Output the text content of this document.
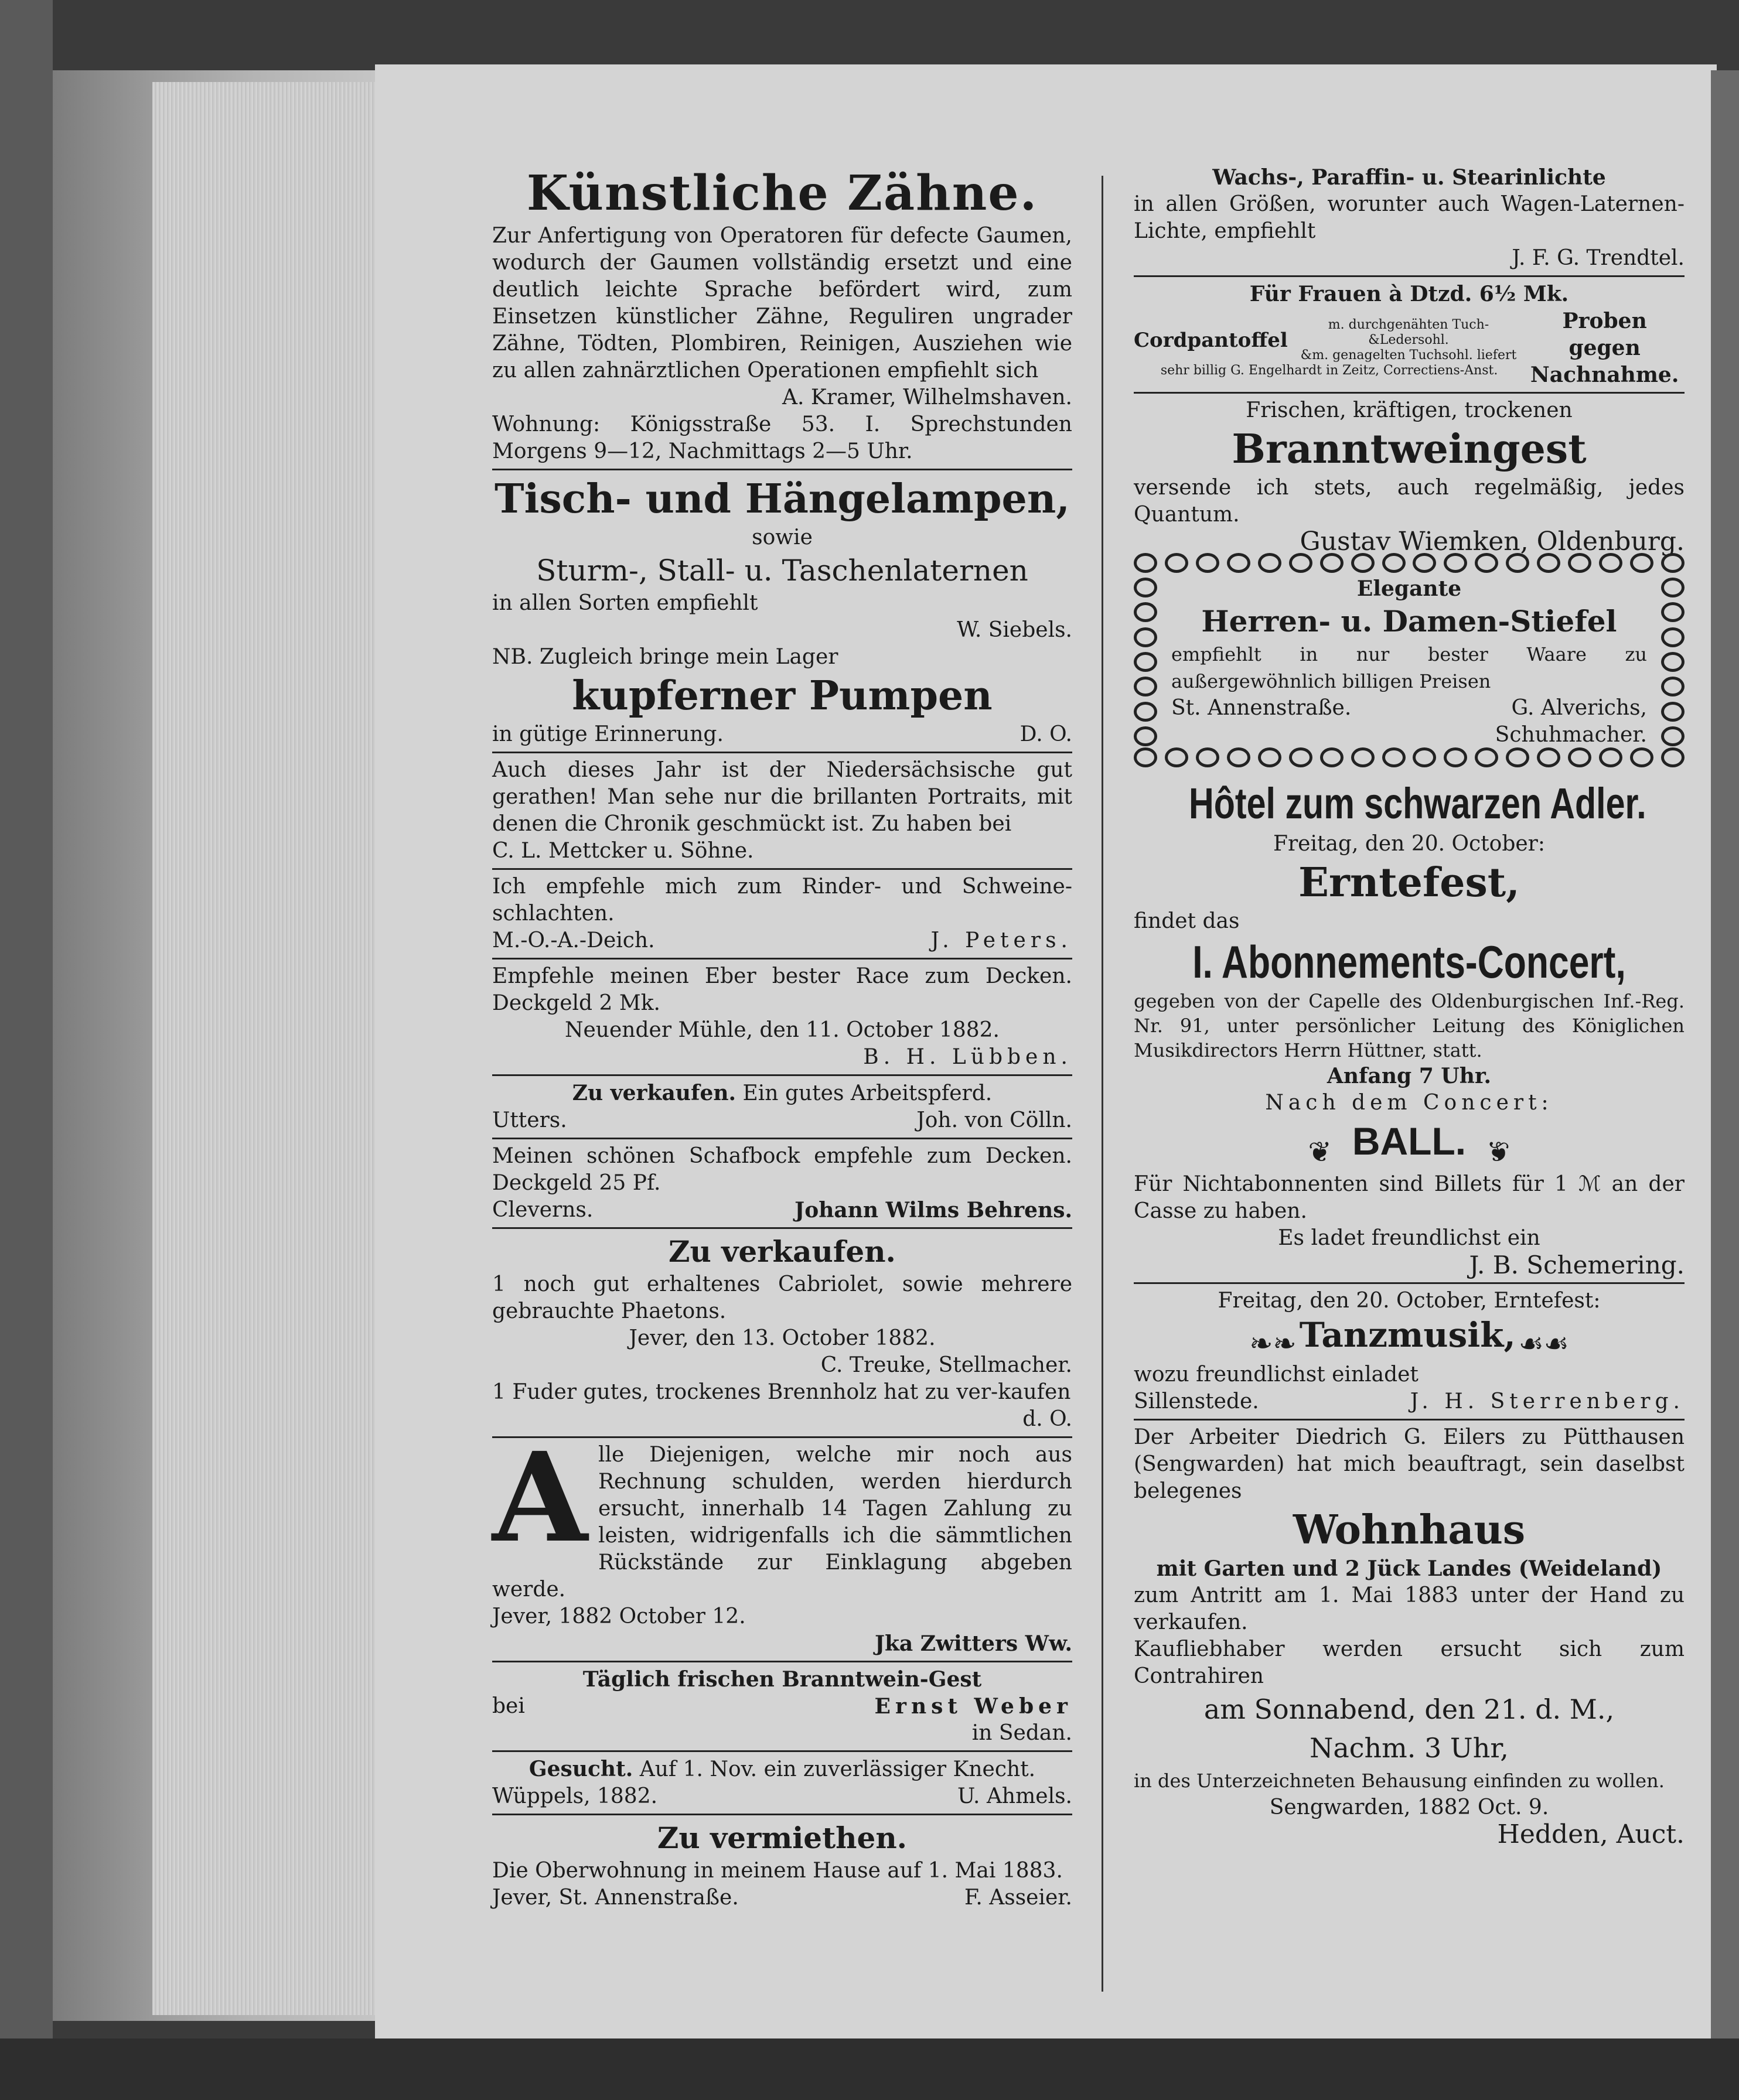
Künstliche Zähne.

Zur Anfertigung von Operatoren für defecte Gaumen, wodurch der Gaumen vollständig ersetzt und eine deutlich leichte Sprache befördert wird, zum Einsetzen künstlicher Zähne, Reguliren ungrader Zähne, Tödten, Plombiren, Reinigen, Ausziehen wie zu allen zahnärztlichen Operationen empfiehlt sich

A. Kramer, Wilhelmshaven.

Wohnung: Königsstraße 53. I. Sprechstunden Morgens 9—12, Nachmittags 2—5 Uhr.

Tisch- und Hängelampen,

sowie

Sturm-, Stall- u. Taschenlaternen

in allen Sorten empfiehlt

W. Siebels.

NB. Zugleich bringe mein Lager

kupferner Pumpen

in gütige Erinnerung.	D. O.

Auch dieses Jahr ist der Niedersächsische gut gerathen! Man sehe nur die brillanten Portraits, mit denen die Chronik geschmückt ist. Zu haben bei

C. L. Mettcker u. Söhne.

Ich empfehle mich zum Rinder- und Schweine-schlachten.

M.-O.-A.-Deich.	J. Peters.

Empfehle meinen Eber bester Race zum Decken. Deckgeld 2 Mk.

Neuender Mühle, den 11. October 1882.

B. H. Lübben.

Zu verkaufen. Ein gutes Arbeitspferd.

Utters.	Joh. von Cölln.

Meinen schönen Schafbock empfehle zum Decken. Deckgeld 25 Pf.

Cleverns.	Johann Wilms Behrens.

Zu verkaufen.

1 noch gut erhaltenes Cabriolet, sowie mehrere gebrauchte Phaetons.

Jever, den 13. October 1882.

C. Treuke, Stellmacher.

1 Fuder gutes, trockenes Brennholz hat zu ver-kaufen

d. O.

A lle Diejenigen, welche mir noch aus Rechnung schulden, werden hierdurch ersucht, innerhalb 14 Tagen Zahlung zu leisten, widrigenfalls ich die sämmtlichen Rückstände zur Einklagung abgeben werde.

Jever, 1882 October 12.

Jka Zwitters Ww.

Täglich frischen Branntwein-Gest

bei	Ernst Weber

in Sedan.

Gesucht. Auf 1. Nov. ein zuverlässiger Knecht.

Wüppels, 1882.	U. Ahmels.

Zu vermiethen.

Die Oberwohnung in meinem Hause auf 1. Mai 1883.

Jever, St. Annenstraße.	F. Asseier.

Wachs-, Paraffin- u. Stearinlichte

in allen Größen, worunter auch Wagen-Laternen-Lichte, empfiehlt

J. F. G. Trendtel.

Für Frauen à Dtzd. 6½ Mk.

Cordpantoffel
m. durchgenähten Tuch-&Ledersohl.
&m. genagelten Tuchsohl. liefert
sehr billig G. Engelhardt in Zeitz, Correctiens-Anst.
Proben gegen
Nachnahme.

Frischen, kräftigen, trockenen

Branntweingest

versende ich stets, auch regelmäßig, jedes Quantum.

Gustav Wiemken, Oldenburg.

Elegante

Herren- u. Damen-Stiefel

empfiehlt in nur bester Waare zu außergewöhnlich billigen Preisen

St. Annenstraße.	G. Alverichs,

Schuhmacher.

Hôtel zum schwarzen Adler.

Freitag, den 20. October:

Erntefest,

findet das

I. Abonnements-Concert,

gegeben von der Capelle des Oldenburgischen Inf.-Reg. Nr. 91, unter persönlicher Leitung des Königlichen Musikdirectors Herrn Hüttner, statt.

Anfang 7 Uhr.

Nach dem Concert:

❦ BALL. ❦

Für Nichtabonnenten sind Billets für 1 ℳ an der Casse zu haben.

Es ladet freundlichst ein

J. B. Schemering.

Freitag, den 20. October, Erntefest:

❧❧ Tanzmusik, ☙☙

wozu freundlichst einladet

Sillenstede.	J. H. Sterrenberg.

Der Arbeiter Diedrich G. Eilers zu Pütthausen (Sengwarden) hat mich beauftragt, sein daselbst belegenes

Wohnhaus

mit Garten und 2 Jück Landes (Weideland)

zum Antritt am 1. Mai 1883 unter der Hand zu verkaufen.

Kaufliebhaber werden ersucht sich zum Contrahiren

am Sonnabend, den 21. d. M.,

Nachm. 3 Uhr,

in des Unterzeichneten Behausung einfinden zu wollen.

Sengwarden, 1882 Oct. 9.

Hedden, Auct.
